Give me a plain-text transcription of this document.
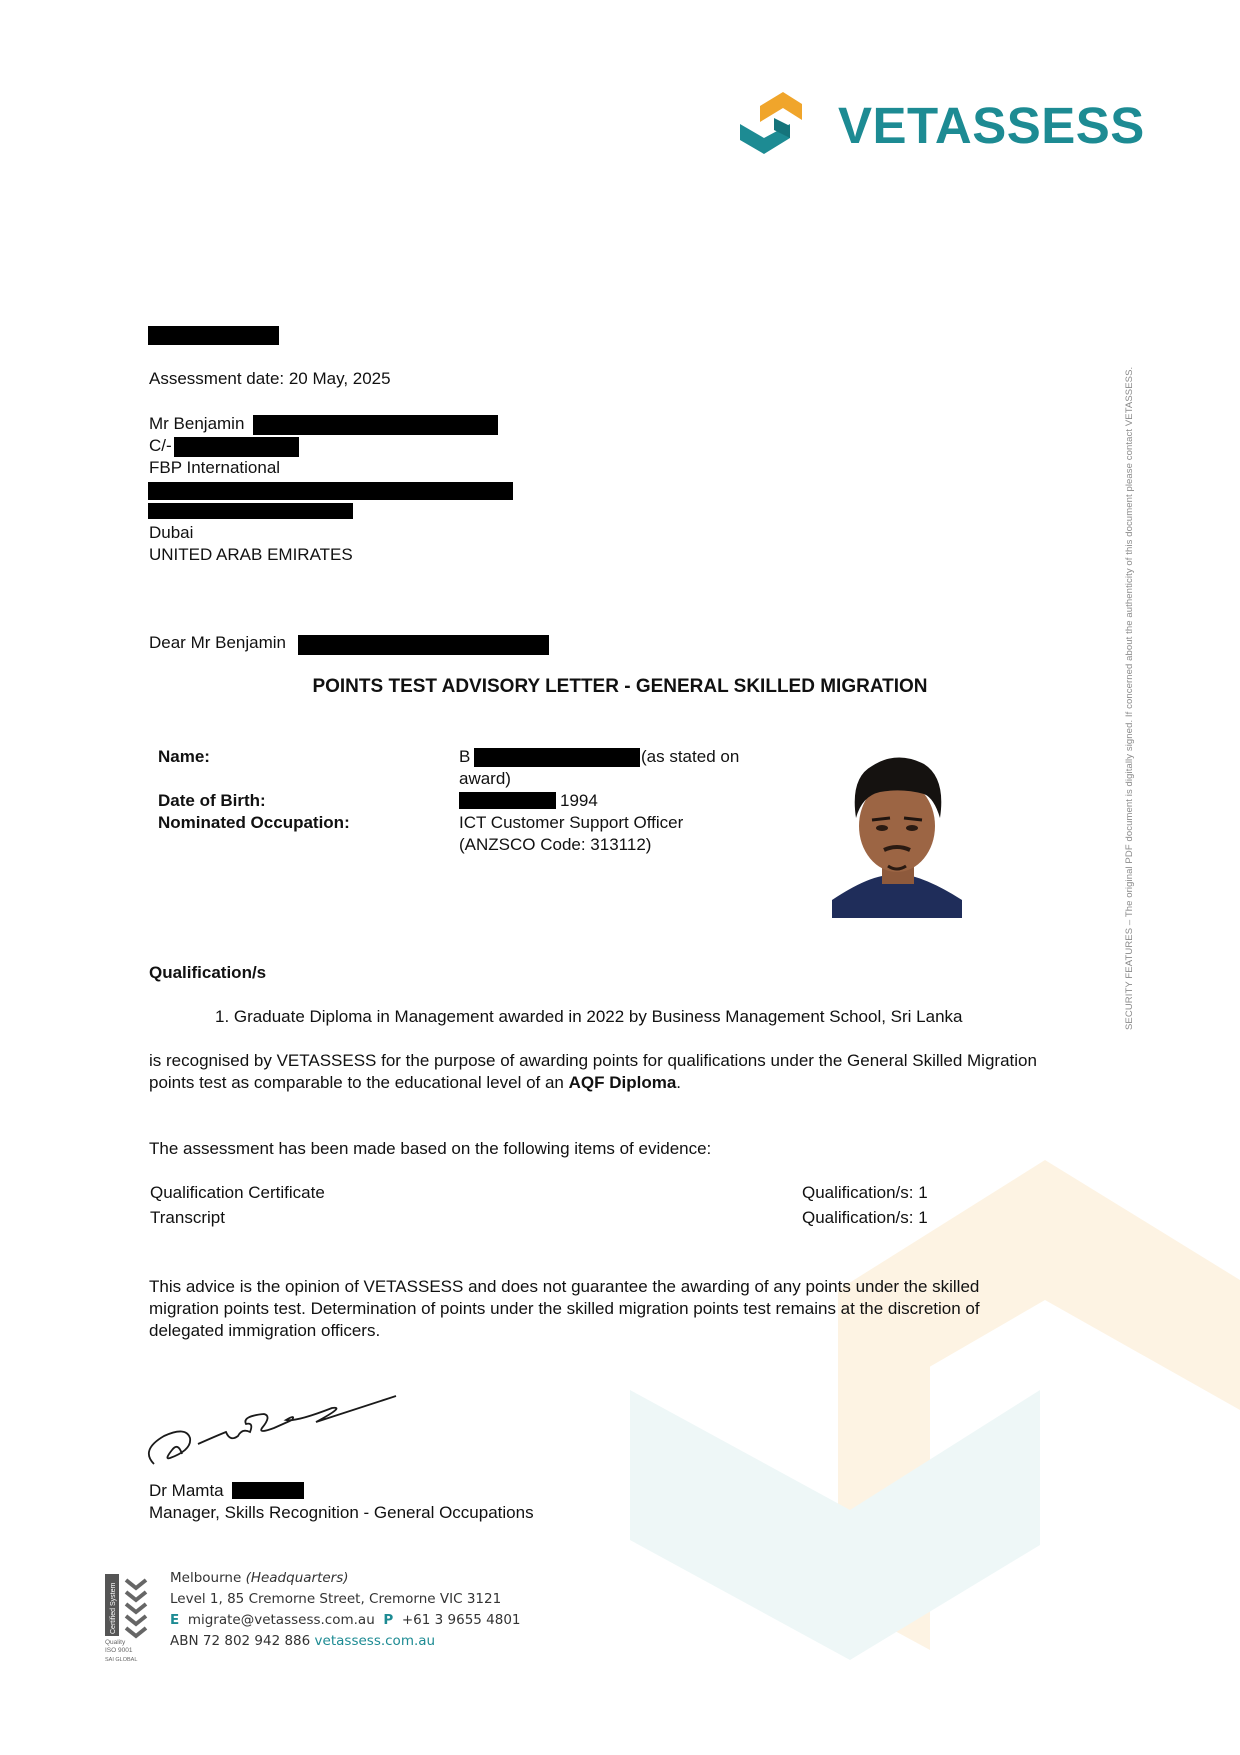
VETASSESS
SECURITY FEATURES – The original PDF document is digitally signed. If concerned about the authenticity of this document please contact VETASSESS.
Assessment date: 20 May, 2025
Mr Benjamin
C/-
FBP International
Dubai
UNITED ARAB EMIRATES
Dear Mr Benjamin
POINTS TEST ADVISORY LETTER - GENERAL SKILLED MIGRATION
Name:	B	(as stated on
award)
Date of Birth:	1994
Nominated Occupation:	ICT Customer Support Officer
(ANZSCO Code: 313112)
Qualification/s
1. Graduate Diploma in Management awarded in 2022 by Business Management School, Sri Lanka
is recognised by VETASSESS for the purpose of awarding points for qualifications under the General Skilled Migration
points test as comparable to the educational level of an AQF Diploma.
The assessment has been made based on the following items of evidence:
Qualification Certificate	Qualification/s: 1
Transcript	Qualification/s: 1
This advice is the opinion of VETASSESS and does not guarantee the awarding of any points under the skilled
migration points test. Determination of points under the skilled migration points test remains at the discretion of
delegated immigration officers.
Dr Mamta
Manager, Skills Recognition - General Occupations
Certified System
Quality
ISO 9001
SAI GLOBAL
Melbourne (Headquarters)
Level 1, 85 Cremorne Street, Cremorne VIC 3121
E migrate@vetassess.com.au P +61 3 9655 4801
ABN 72 802 942 886 vetassess.com.au
